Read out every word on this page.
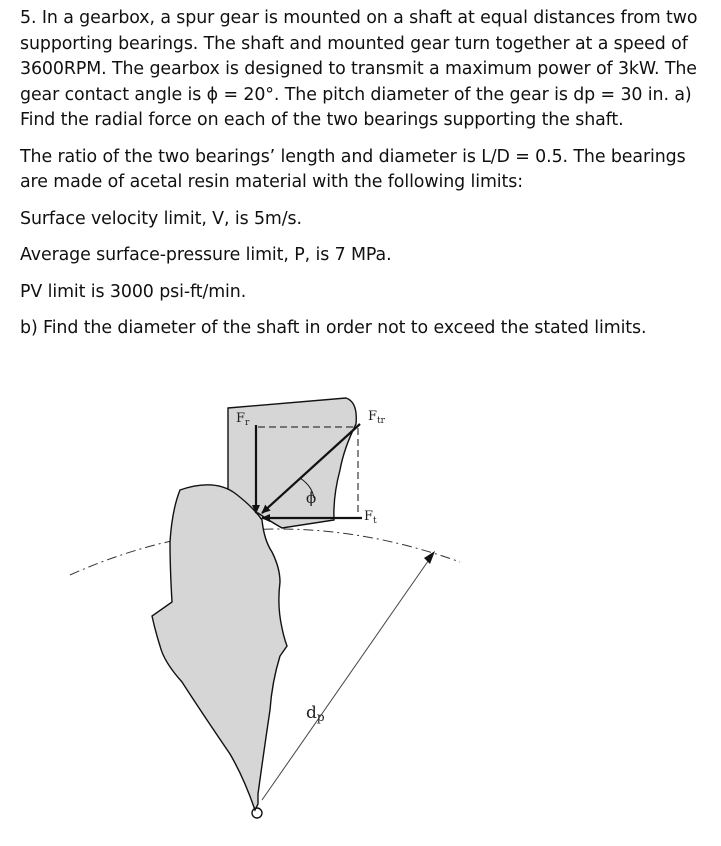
5. In a gearbox, a spur gear is mounted on a shaft at equal distances from two supporting bearings. The shaft and mounted gear turn together at a speed of 3600RPM. The gearbox is designed to transmit a maximum power of 3kW. The gear contact angle is ϕ = 20°. The pitch diameter of the gear is dp = 30 in. a) Find the radial force on each of the two bearings supporting the shaft.

The ratio of the two bearings’ length and diameter is L/D = 0.5. The bearings are made of acetal resin material with the following limits:

Surface velocity limit, V, is 5m/s.

Average surface-pressure limit, P, is 7 MPa.

PV limit is 3000 psi-ft/min.

b) Find the diameter of the shaft in order not to exceed the stated limits.

$F_r$	$F_{tr}$
$F_t$
ϕ
dp
